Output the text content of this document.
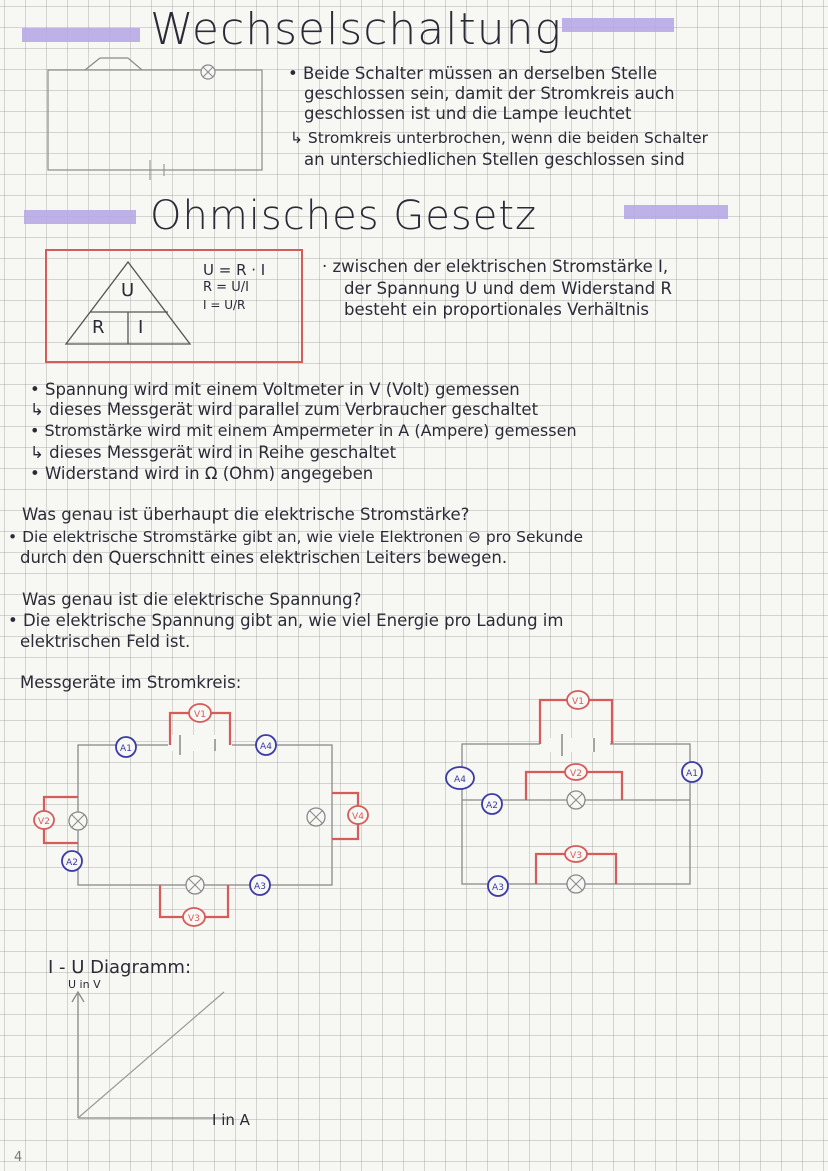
Wechselschaltung
• Beide Schalter müssen an derselben Stelle
geschlossen sein, damit der Stromkreis auch
geschlossen ist und die Lampe leuchtet
↳ Stromkreis unterbrochen, wenn die beiden Schalter
an unterschiedlichen Stellen geschlossen sind
Ohmisches Gesetz
U
R I
U = R · I
R = U/I
I = U/R
· zwischen der elektrischen Stromstärke I,
der Spannung U und dem Widerstand R
besteht ein proportionales Verhältnis
• Spannung wird mit einem Voltmeter in V (Volt) gemessen
↳ dieses Messgerät wird parallel zum Verbraucher geschaltet
• Stromstärke wird mit einem Ampermeter in A (Ampere) gemessen
↳ dieses Messgerät wird in Reihe geschaltet
• Widerstand wird in Ω (Ohm) angegeben
Was genau ist überhaupt die elektrische Stromstärke?
• Die elektrische Stromstärke gibt an, wie viele Elektronen ⊖ pro Sekunde
durch den Querschnitt eines elektrischen Leiters bewegen.
Was genau ist die elektrische Spannung?
• Die elektrische Spannung gibt an, wie viel Energie pro Ladung im
elektrischen Feld ist.
Messgeräte im Stromkreis:
V1
V2
V3
V4
A1
A2
A3
A4
V1
V2
V3
A4
A1
A2
A3
I - U Diagramm:
U in V
I in A
4
